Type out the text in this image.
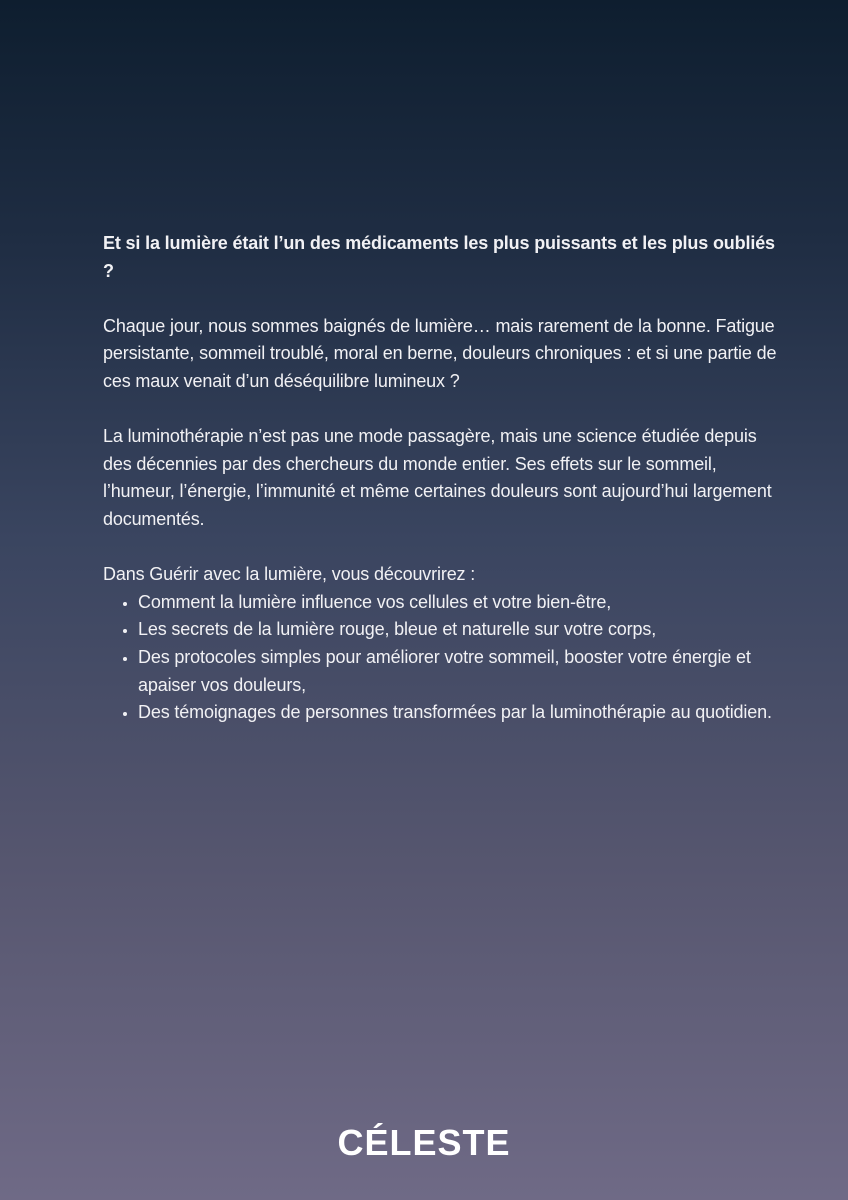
Et si la lumière était l’un des médicaments les plus puissants et les plus oubliés ?

Chaque jour, nous sommes baignés de lumière… mais rarement de la bonne. Fatigue persistante, sommeil troublé, moral en berne, douleurs chroniques : et si une partie de ces maux venait d’un déséquilibre lumineux ?

La luminothérapie n’est pas une mode passagère, mais une science étudiée depuis des décennies par des chercheurs du monde entier. Ses effets sur le sommeil, l’humeur, l’énergie, l’immunité et même certaines douleurs sont aujourd’hui largement documentés.

Dans Guérir avec la lumière, vous découvrirez :
• Comment la lumière influence vos cellules et votre bien-être,
• Les secrets de la lumière rouge, bleue et naturelle sur votre corps,
• Des protocoles simples pour améliorer votre sommeil, booster votre énergie et apaiser vos douleurs,
• Des témoignages de personnes transformées par la luminothérapie au quotidien.
CÉLESTE
